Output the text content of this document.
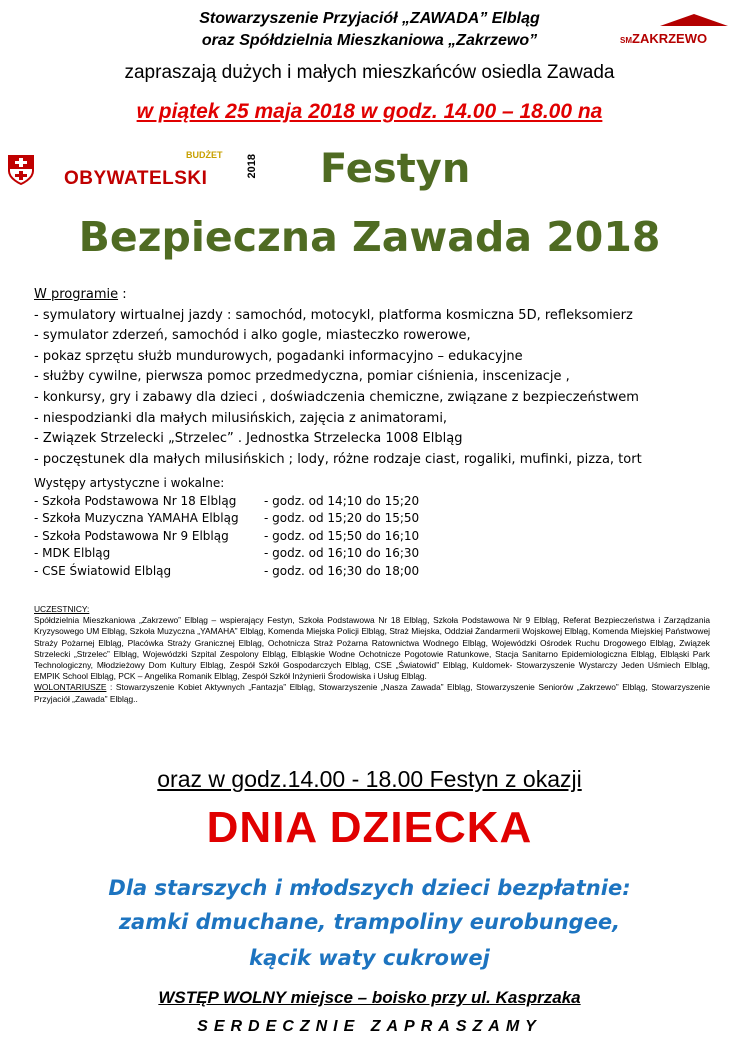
Stowarzyszenie Przyjaciół „ZAWADA” Elbląg
oraz Spółdzielnia Mieszkaniowa „Zakrzewo”	SMZAKRZEWO
zapraszają dużych i małych mieszkańców osiedla Zawada
w piątek 25 maja 2018 w godz. 14.00 – 18.00 na
BUDŻET
OBYWATELSKI
2018 Festyn
Bezpieczna Zawada 2018
W programie :
- symulatory wirtualnej jazdy : samochód, motocykl, platforma kosmiczna 5D, refleksomierz
- symulator zderzeń, samochód i alko gogle, miasteczko rowerowe,
- pokaz sprzętu służb mundurowych, pogadanki informacyjno – edukacyjne
- służby cywilne, pierwsza pomoc przedmedyczna, pomiar ciśnienia, inscenizacje ,
- konkursy, gry i zabawy dla dzieci , doświadczenia chemiczne, związane z bezpieczeństwem
- niespodzianki dla małych milusińskich, zajęcia z animatorami,
- Związek Strzelecki „Strzelec” . Jednostka Strzelecka 1008 Elbląg
- poczęstunek dla małych milusińskich ; lody, różne rodzaje ciast, rogaliki, mufinki, pizza, tort
Występy artystyczne i wokalne:
- Szkoła Podstawowa Nr 18 Elbląg	- godz. od 14;10 do 15;20
- Szkoła Muzyczna YAMAHA Elbląg	- godz. od 15;20 do 15;50
- Szkoła Podstawowa Nr 9 Elbląg	- godz. od 15;50 do 16;10
- MDK Elbląg	- godz. od 16;10 do 16;30
- CSE Światowid Elbląg	- godz. od 16;30 do 18;00
UCZESTNICY:
Spółdzielnia Mieszkaniowa „Zakrzewo” Elbląg – wspierający Festyn, Szkoła Podstawowa Nr 18 Elbląg, Szkoła Podstawowa Nr 9 Elbląg, Referat Bezpieczeństwa i Zarządzania Kryzysowego UM Elbląg, Szkoła Muzyczna „YAMAHA” Elbląg, Komenda Miejska Policji Elbląg, Straż Miejska, Oddział Żandarmerii Wojskowej Elbląg, Komenda Miejskiej Państwowej Straży Pożarnej Elbląg, Placówka Straży Granicznej Elbląg, Ochotnicza Straż Pożarna Ratownictwa Wodnego Elbląg, Wojewódzki Ośrodek Ruchu Drogowego Elbląg, Związek Strzelecki „Strzelec” Elbląg, Wojewódzki Szpital Zespolony Elbląg, Elbląskie Wodne Ochotnicze Pogotowie Ratunkowe, Stacja Sanitarno Epidemiologiczna Elbląg, Elbląski Park Technologiczny, Młodzieżowy Dom Kultury Elbląg, Zespół Szkół Gospodarczych Elbląg, CSE „Światowid” Elbląg, Kuldomek- Stowarzyszenie Wystarczy Jeden Uśmiech Elbląg, EMPIK School Elbląg, PCK – Angelika Romanik Elbląg, Zespół Szkół Inżynierii Środowiska i Usług Elbląg.
WOLONTARIUSZE : Stowarzyszenie Kobiet Aktywnych „Fantazja” Elbląg, Stowarzyszenie „Nasza Zawada” Elbląg, Stowarzyszenie Seniorów „Zakrzewo” Elbląg, Stowarzyszenie Przyjaciół „Zawada” Elbląg..
oraz w godz.14.00 - 18.00 Festyn z okazji
DNIA DZIECKA
Dla starszych i młodszych dzieci bezpłatnie:
zamki dmuchane, trampoliny eurobungee,
kącik waty cukrowej
WSTĘP WOLNY miejsce – boisko przy ul. Kasprzaka
SERDECZNIE ZAPRASZAMY
